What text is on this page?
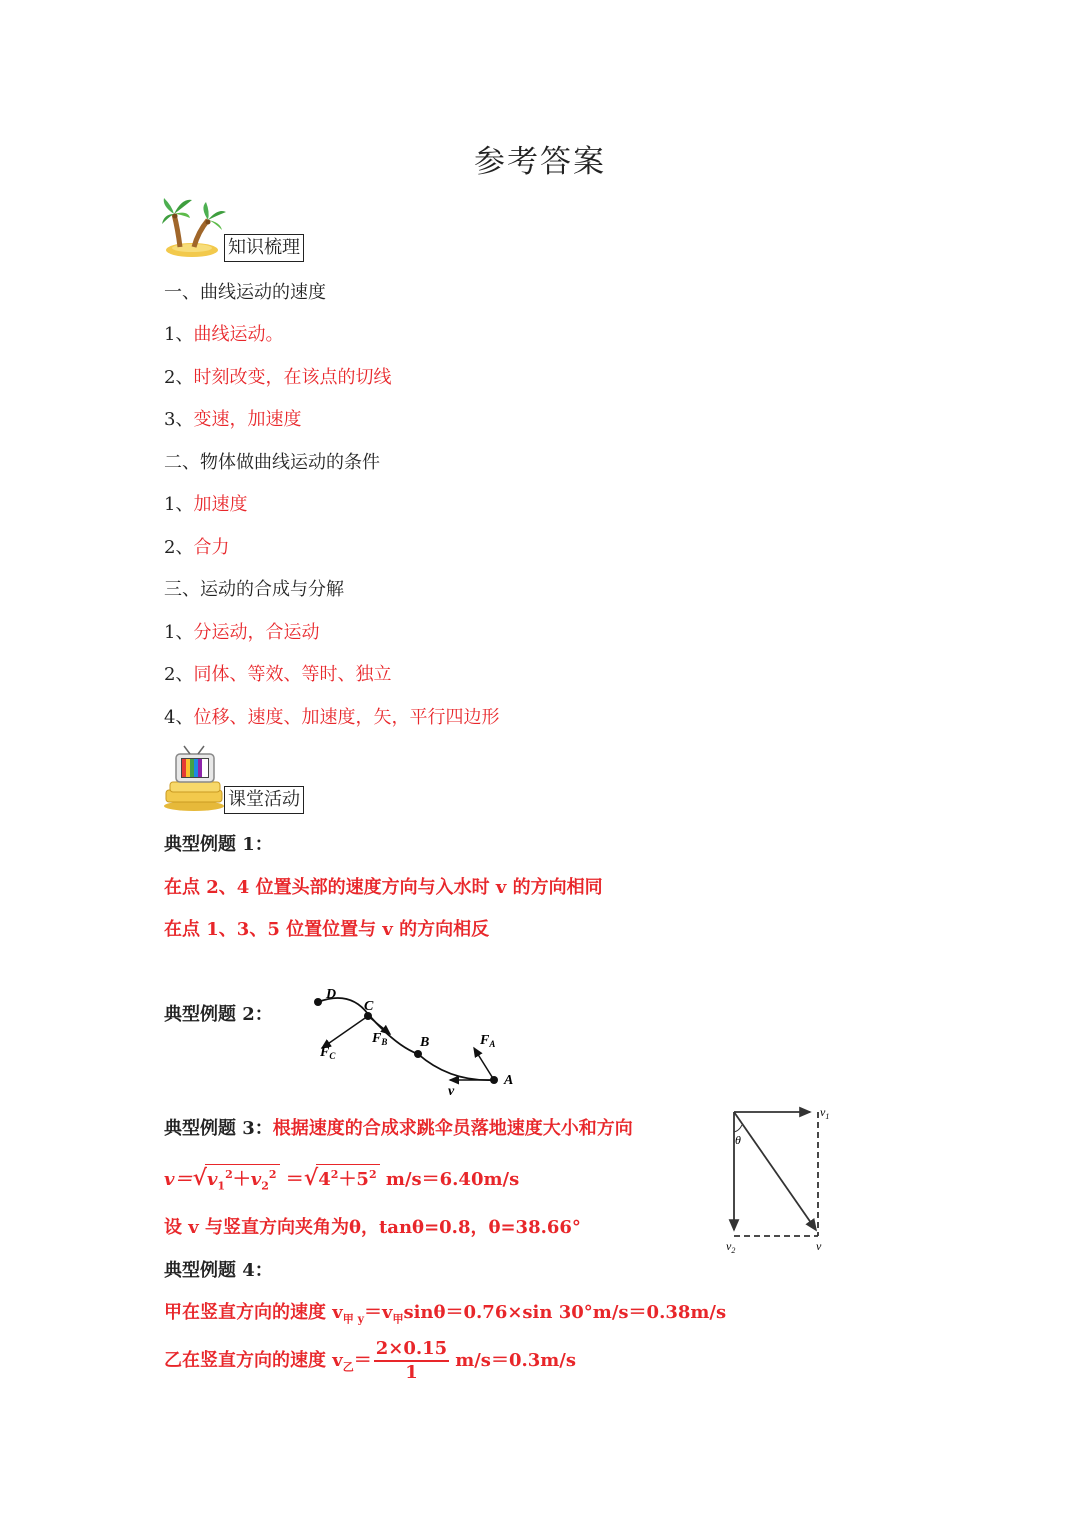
参考答案
知识梳理
一、曲线运动的速度
1、曲线运动。
2、时刻改变，在该点的切线
3、变速，加速度
二、物体做曲线运动的条件
1、加速度
2、合力
三、运动的合成与分解
1、分运动，合运动
2、同体、等效、等时、独立
4、位移、速度、加速度，矢，平行四边形
课堂活动
典型例题 1：
在点 2、4 位置头部的速度方向与入水时 v 的方向相同
在点 1、3、5 位置位置与 v 的方向相反
典型例题 2：
D
C
B
A
$F_C$
$F_B$	$F_A$
v
典型例题 3：根据速度的合成求跳伞员落地速度大小和方向
$v=√v_1^2+v_2^2 =√4^2+5^2$ m/s＝6.40m/s
设 v 与竖直方向夹角为θ，tanθ=0.8，θ=38.66°
θ
$v_1$
$v_2$	v
典型例题 4：
甲在竖直方向的速度 $v_{甲 y}=v_甲\sin\theta=0.76\times\sin$ 30°m/s＝0.38m/s
乙在竖直方向的速度 $v_乙= \frac{2\times 0.15}{1} m/s=0.3m/s$
